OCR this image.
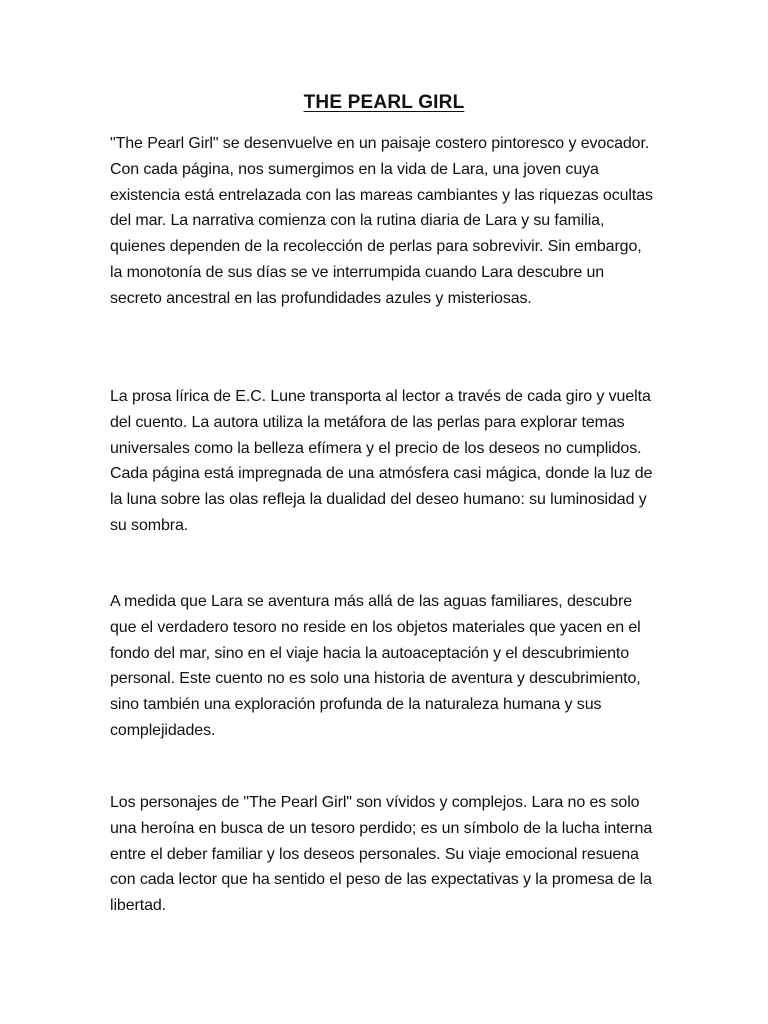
THE PEARL GIRL

"The Pearl Girl" se desenvuelve en un paisaje costero pintoresco y evocador. Con cada página, nos sumergimos en la vida de Lara, una joven cuya existencia está entrelazada con las mareas cambiantes y las riquezas ocultas del mar. La narrativa comienza con la rutina diaria de Lara y su familia, quienes dependen de la recolección de perlas para sobrevivir. Sin embargo, la monotonía de sus días se ve interrumpida cuando Lara descubre un secreto ancestral en las profundidades azules y misteriosas.

La prosa lírica de E.C. Lune transporta al lector a través de cada giro y vuelta del cuento. La autora utiliza la metáfora de las perlas para explorar temas universales como la belleza efímera y el precio de los deseos no cumplidos. Cada página está impregnada de una atmósfera casi mágica, donde la luz de la luna sobre las olas refleja la dualidad del deseo humano: su luminosidad y su sombra.

A medida que Lara se aventura más allá de las aguas familiares, descubre que el verdadero tesoro no reside en los objetos materiales que yacen en el fondo del mar, sino en el viaje hacia la autoaceptación y el descubrimiento personal. Este cuento no es solo una historia de aventura y descubrimiento, sino también una exploración profunda de la naturaleza humana y sus complejidades.

Los personajes de "The Pearl Girl" son vívidos y complejos. Lara no es solo una heroína en busca de un tesoro perdido; es un símbolo de la lucha interna entre el deber familiar y los deseos personales. Su viaje emocional resuena con cada lector que ha sentido el peso de las expectativas y la promesa de la libertad.
